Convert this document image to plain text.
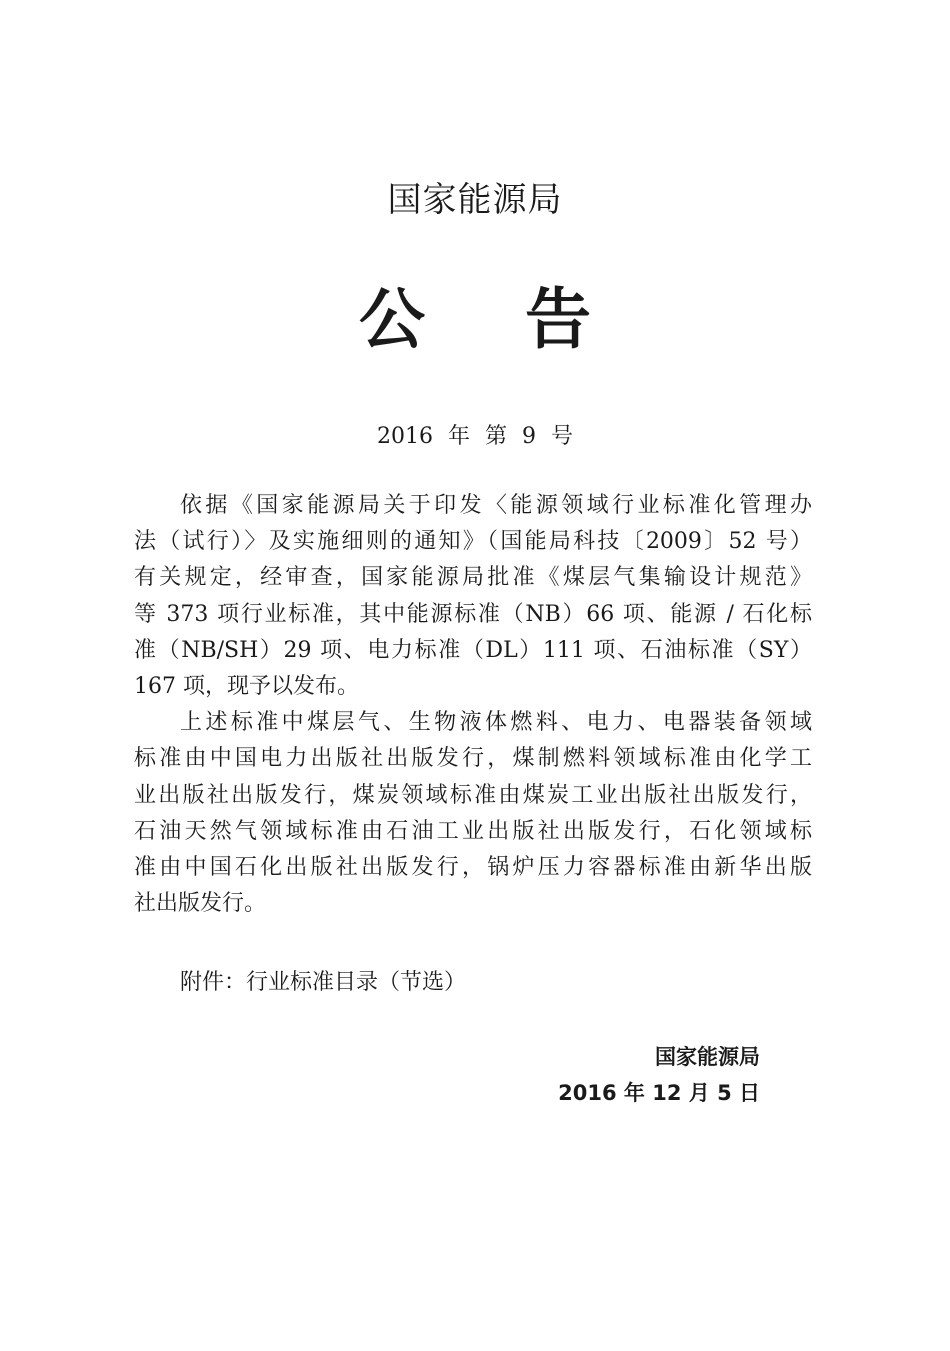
国家能源局
公告
2016 年 第 9 号
依据《国家能源局关于印发〈能源领域行业标准化管理办
法（试行）〉及实施细则的通知》（国能局科技〔2009〕52 号）
有关规定，经审查，国家能源局批准《煤层气集输设计规范》
等 373 项行业标准，其中能源标准（NB）66 项、能源 / 石化标
准（NB/SH）29 项、电力标准（DL）111 项、石油标准（SY）
167 项，现予以发布。
上述标准中煤层气、生物液体燃料、电力、电器装备领域
标准由中国电力出版社出版发行，煤制燃料领域标准由化学工
业出版社出版发行，煤炭领域标准由煤炭工业出版社出版发行，
石油天然气领域标准由石油工业出版社出版发行，石化领域标
准由中国石化出版社出版发行，锅炉压力容器标准由新华出版
社出版发行。
附件：行业标准目录（节选）
国家能源局
2016 年 12 月 5 日
